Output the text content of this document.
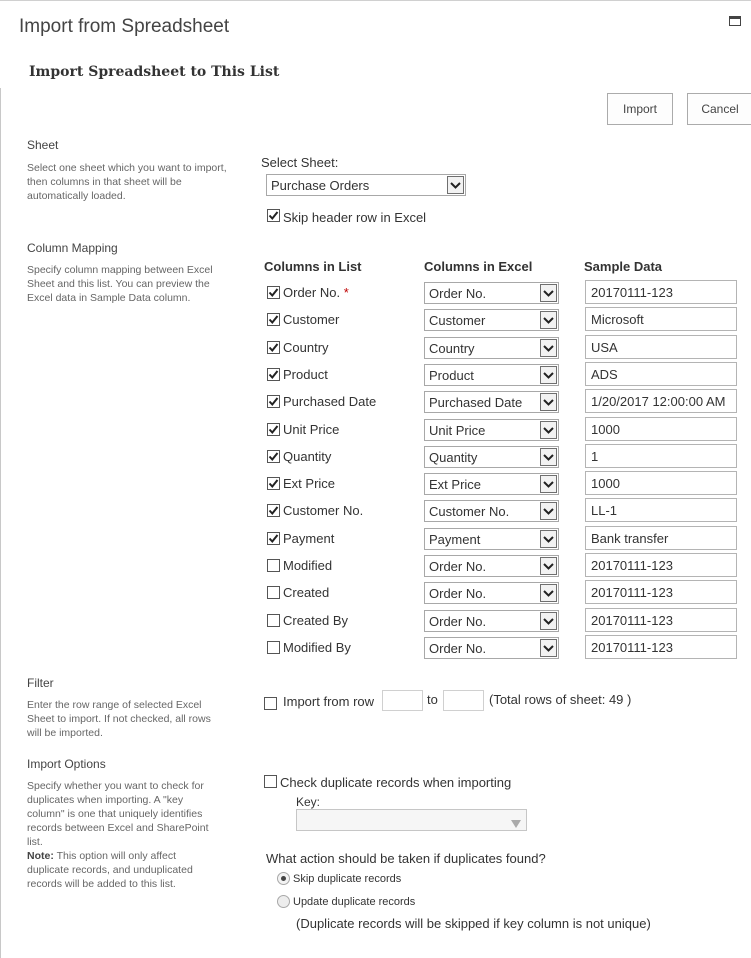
Import from Spreadsheet
Import Spreadsheet to This List
Import	Cancel
Sheet
Select one sheet which you want to import, then columns in that sheet will be automatically loaded.
Select Sheet:
Purchase Orders
Skip header row in Excel
Column Mapping
Specify column mapping between Excel Sheet and this list. You can preview the Excel data in Sample Data column.
Columns in List	Columns in Excel	Sample Data
Order No. *	Order No.	20170111-123
Customer	Customer	Microsoft
Country	Country	USA
Product	Product	ADS
Purchased Date	Purchased Date	1/20/2017 12:00:00 AM
Unit Price	Unit Price	1000
Quantity	Quantity	1
Ext Price	Ext Price	1000
Customer No.	Customer No.	LL-1
Payment	Payment	Bank transfer
Modified	Order No.	20170111-123
Created	Order No.	20170111-123
Created By	Order No.	20170111-123
Modified By	Order No.	20170111-123
Filter
Enter the row range of selected Excel Sheet to import. If not checked, all rows will be imported.
Import from row	to	(Total rows of sheet: 49 )
Import Options
Specify whether you want to check for duplicates when importing. A "key column" is one that uniquely identifies records between Excel and SharePoint list.
Note: This option will only affect duplicate records, and unduplicated records will be added to this list.
Check duplicate records when importing
Key:
What action should be taken if duplicates found?
Skip duplicate records
Update duplicate records
(Duplicate records will be skipped if key column is not unique)
